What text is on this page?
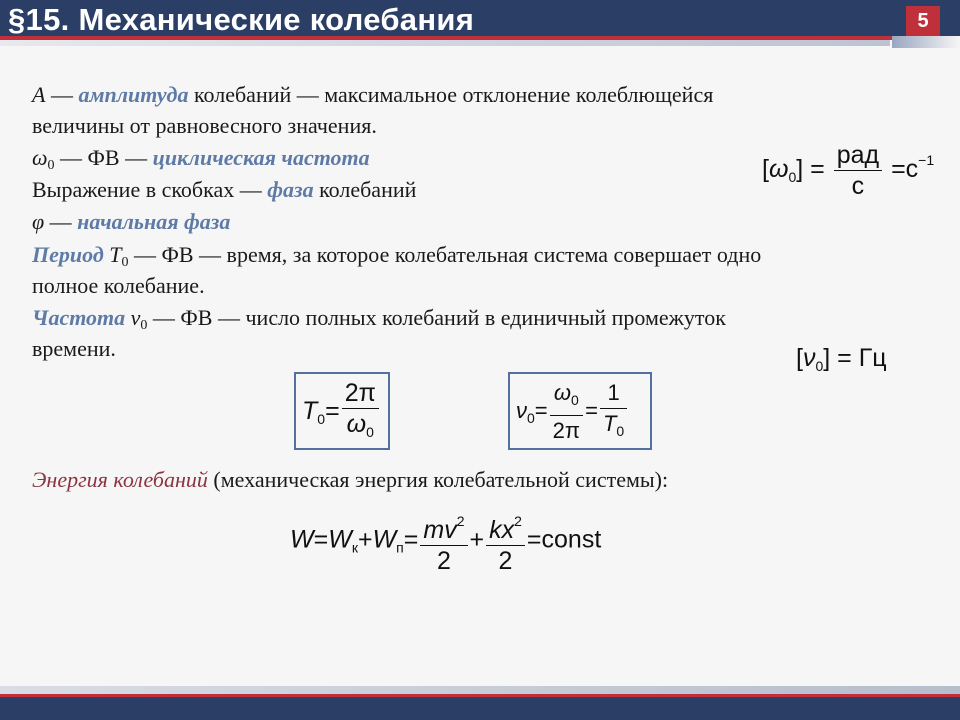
§15. Механические колебания	5
A — амплитуда колебаний — максимальное отклонение колеблющейся
величины от равновесного значения.
$\omega_0$ — ФВ — циклическая частота
Выражение в скобках — фаза колебаний
φ — начальная фаза
Период $T_0$ — ФВ — время, за которое колебательная система совершает одно
полное колебание.
Частота $\nu_0$ — ФВ — число полных колебаний в единичный промежуток
времени.
$[\omega_0] = \frac{\text{рад}}{с} =с^{-1}$
$[\nu_0]$ = Гц
$T_0= \frac{2\pi}{\omega_0}$	$\nu_0= \frac{\omega_0}{2\pi} = \frac{1}{T_0}$
Энергия колебаний (механическая энергия колебательной системы):
$W=W_к+W_п= \frac{mv^2}{2} + \frac{kx^2}{2}$ =const
